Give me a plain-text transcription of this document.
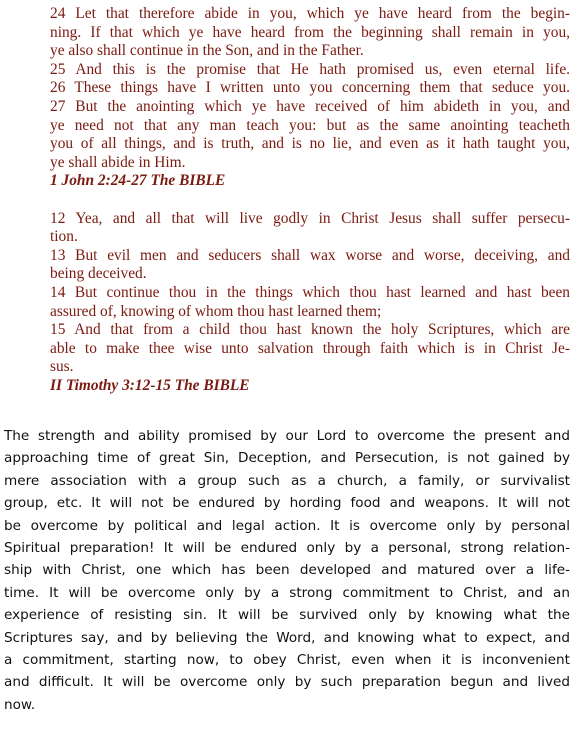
24 Let that therefore abide in you, which ye have heard from the begin-
ning. If that which ye have heard from the beginning shall remain in you,
ye also shall continue in the Son, and in the Father.
25 And this is the promise that He hath promised us, even eternal life.
26 These things have I written unto you concerning them that seduce you.
27 But the anointing which ye have received of him abideth in you, and
ye need not that any man teach you: but as the same anointing teacheth
you of all things, and is truth, and is no lie, and even as it hath taught you,
ye shall abide in Him.
1 John 2:24-27 The BIBLE
12 Yea, and all that will live godly in Christ Jesus shall suffer persecu-
tion.
13 But evil men and seducers shall wax worse and worse, deceiving, and
being deceived.
14 But continue thou in the things which thou hast learned and hast been
assured of, knowing of whom thou hast learned them;
15 And that from a child thou hast known the holy Scriptures, which are
able to make thee wise unto salvation through faith which is in Christ Je-
sus.
II Timothy 3:12-15 The BIBLE
The strength and ability promised by our Lord to overcome the present and
approaching time of great Sin, Deception, and Persecution, is not gained by
mere association with a group such as a church, a family, or survivalist
group, etc. It will not be endured by hording food and weapons. It will not
be overcome by political and legal action. It is overcome only by personal
Spiritual preparation! It will be endured only by a personal, strong relation-
ship with Christ, one which has been developed and matured over a life-
time. It will be overcome only by a strong commitment to Christ, and an
experience of resisting sin. It will be survived only by knowing what the
Scriptures say, and by believing the Word, and knowing what to expect, and
a commitment, starting now, to obey Christ, even when it is inconvenient
and difficult. It will be overcome only by such preparation begun and lived
now.
